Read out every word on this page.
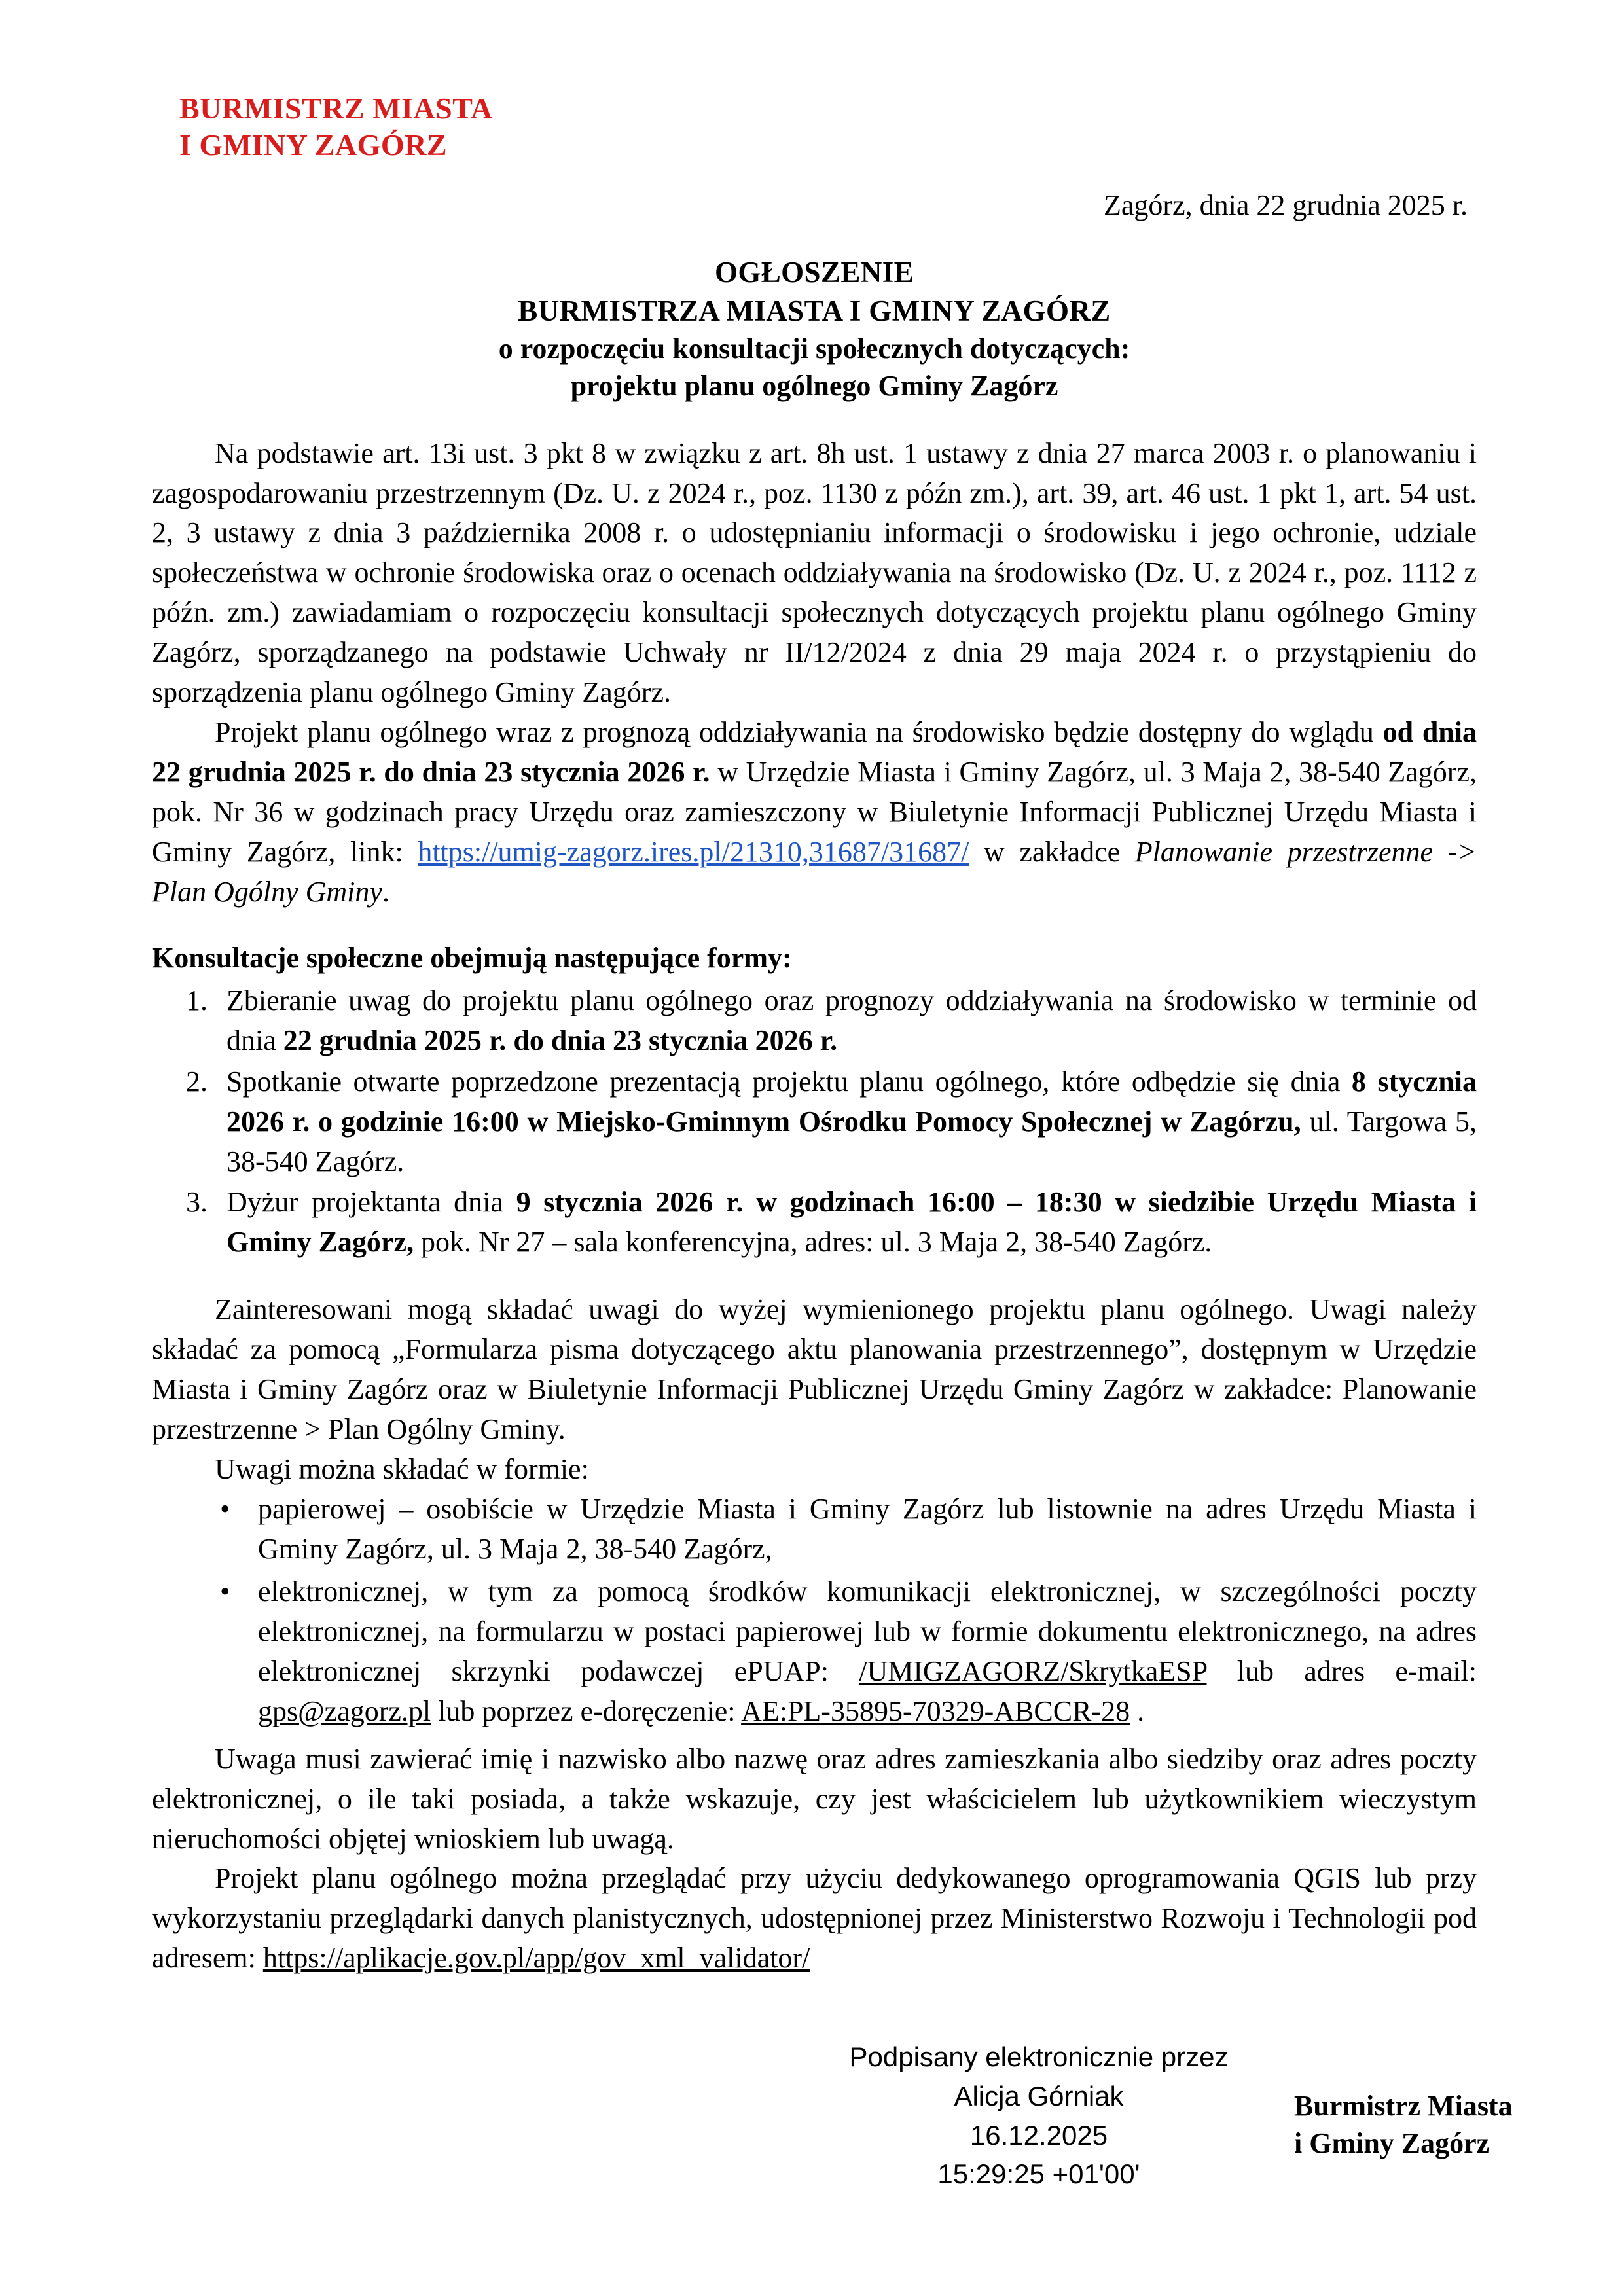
BURMISTRZ MIASTA
I GMINY ZAGÓRZ
Zagórz, dnia 22 grudnia 2025 r.
OGŁOSZENIE
BURMISTRZA MIASTA I GMINY ZAGÓRZ
o rozpoczęciu konsultacji społecznych dotyczących:
projektu planu ogólnego Gminy Zagórz

Na podstawie art. 13i ust. 3 pkt 8 w związku z art. 8h ust. 1 ustawy z dnia 27 marca 2003 r. o planowaniu i zagospodarowaniu przestrzennym (Dz. U. z 2024 r., poz. 1130 z późn zm.), art. 39, art. 46 ust. 1 pkt 1, art. 54 ust. 2, 3 ustawy z dnia 3 października 2008 r. o udostępnianiu informacji o środowisku i jego ochronie, udziale społeczeństwa w ochronie środowiska oraz o ocenach oddziaływania na środowisko (Dz. U. z 2024 r., poz. 1112 z późn. zm.) zawiadamiam o rozpoczęciu konsultacji społecznych dotyczących projektu planu ogólnego Gminy Zagórz, sporządzanego na podstawie Uchwały nr II/12/2024 z dnia 29 maja 2024 r. o przystąpieniu do sporządzenia planu ogólnego Gminy Zagórz.

Projekt planu ogólnego wraz z prognozą oddziaływania na środowisko będzie dostępny do wglądu od dnia 22 grudnia 2025 r. do dnia 23 stycznia 2026 r. w Urzędzie Miasta i Gminy Zagórz, ul. 3 Maja 2, 38-540 Zagórz, pok. Nr 36 w godzinach pracy Urzędu oraz zamieszczony w Biuletynie Informacji Publicznej Urzędu Miasta i Gminy Zagórz, link: https://umig-zagorz.ires.pl/21310,31687/31687/ w zakładce Planowanie przestrzenne -> Plan Ogólny Gminy.

Konsultacje społeczne obejmują następujące formy:
1. Zbieranie uwag do projektu planu ogólnego oraz prognozy oddziaływania na środowisko w terminie od dnia 22 grudnia 2025 r. do dnia 23 stycznia 2026 r.
2. Spotkanie otwarte poprzedzone prezentacją projektu planu ogólnego, które odbędzie się dnia 8 stycznia 2026 r. o godzinie 16:00 w Miejsko-Gminnym Ośrodku Pomocy Społecznej w Zagórzu, ul. Targowa 5, 38-540 Zagórz.
3. Dyżur projektanta dnia 9 stycznia 2026 r. w godzinach 16:00 – 18:30 w siedzibie Urzędu Miasta i Gminy Zagórz, pok. Nr 27 – sala konferencyjna, adres: ul. 3 Maja 2, 38-540 Zagórz.

Zainteresowani mogą składać uwagi do wyżej wymienionego projektu planu ogólnego. Uwagi należy składać za pomocą „Formularza pisma dotyczącego aktu planowania przestrzennego”, dostępnym w Urzędzie Miasta i Gminy Zagórz oraz w Biuletynie Informacji Publicznej Urzędu Gminy Zagórz w zakładce: Planowanie przestrzenne > Plan Ogólny Gminy.

Uwagi można składać w formie:

• papierowej – osobiście w Urzędzie Miasta i Gminy Zagórz lub listownie na adres Urzędu Miasta i Gminy Zagórz, ul. 3 Maja 2, 38-540 Zagórz,
• elektronicznej, w tym za pomocą środków komunikacji elektronicznej, w szczególności poczty elektronicznej, na formularzu w postaci papierowej lub w formie dokumentu elektronicznego, na adres elektronicznej skrzynki podawczej ePUAP: /UMIGZAGORZ/SkrytkaESP lub adres e-mail: gps@zagorz.pl lub poprzez e-doręczenie: AE:PL-35895-70329-ABCCR-28 .

Uwaga musi zawierać imię i nazwisko albo nazwę oraz adres zamieszkania albo siedziby oraz adres poczty elektronicznej, o ile taki posiada, a także wskazuje, czy jest właścicielem lub użytkownikiem wieczystym nieruchomości objętej wnioskiem lub uwagą.

Projekt planu ogólnego można przeglądać przy użyciu dedykowanego oprogramowania QGIS lub przy wykorzystaniu przeglądarki danych planistycznych, udostępnionej przez Ministerstwo Rozwoju i Technologii pod adresem: https://aplikacje.gov.pl/app/gov_xml_validator/

Podpisany elektronicznie przez
Alicja Górniak
16.12.2025
15:29:25 +01'00'
Burmistrz Miasta
i Gminy Zagórz
